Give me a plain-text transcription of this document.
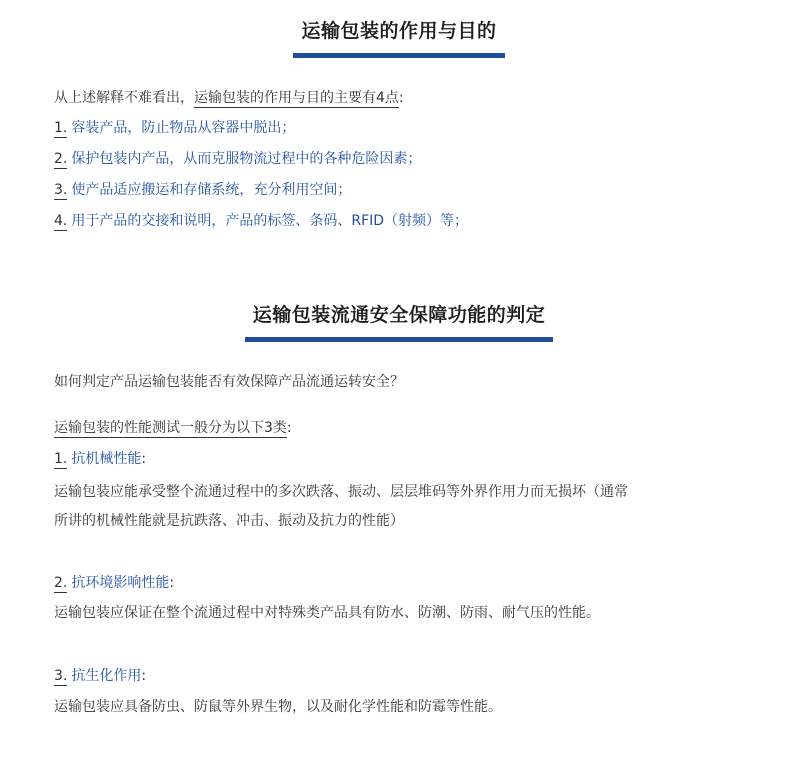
运输包装的作用与目的
从上述解释不难看出，运输包装的作用与目的主要有4点:
1. 容装产品，防止物品从容器中脱出；
2. 保护包装内产品，从而克服物流过程中的各种危险因素；
3. 使产品适应搬运和存储系统，充分利用空间；
4. 用于产品的交接和说明，产品的标签、条码、RFID（射频）等；
运输包装流通安全保障功能的判定
如何判定产品运输包装能否有效保障产品流通运转安全？
运输包装的性能测试一般分为以下3类:
1. 抗机械性能:
运输包装应能承受整个流通过程中的多次跌落、振动、层层堆码等外界作用力而无损坏（通常
所讲的机械性能就是抗跌落、冲击、振动及抗力的性能）
2. 抗环境影响性能:
运输包装应保证在整个流通过程中对特殊类产品具有防水、防潮、防雨、耐气压的性能。
3. 抗生化作用:
运输包装应具备防虫、防鼠等外界生物，以及耐化学性能和防霉等性能。
